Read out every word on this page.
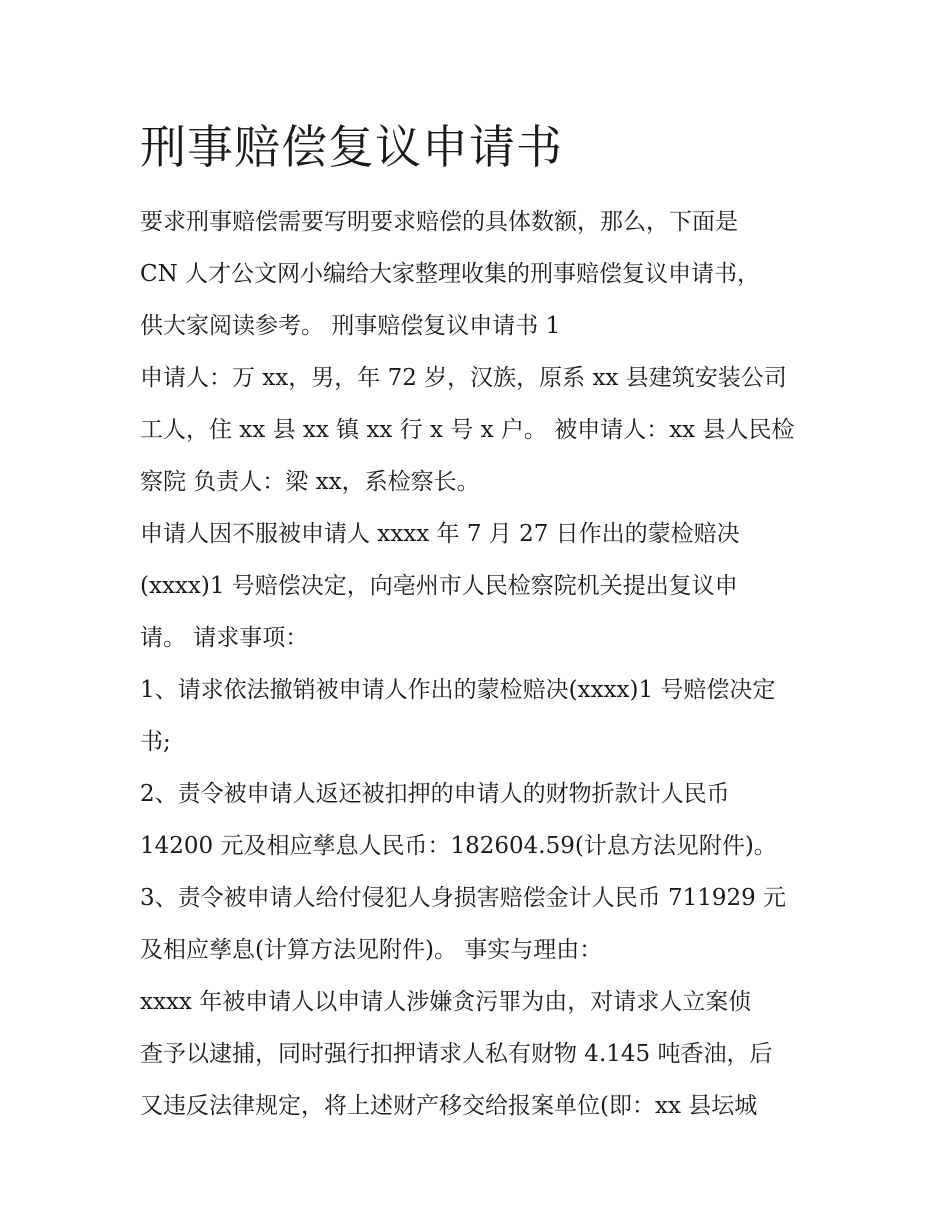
刑事赔偿复议申请书
要求刑事赔偿需要写明要求赔偿的具体数额，那么，下面是
CN 人才公文网小编给大家整理收集的刑事赔偿复议申请书，
供大家阅读参考。 刑事赔偿复议申请书 1
申请人：万 xx，男，年 72 岁，汉族，原系 xx 县建筑安装公司
工人，住 xx 县 xx 镇 xx 行 x 号 x 户。 被申请人：xx 县人民检
察院 负责人：梁 xx，系检察长。
申请人因不服被申请人 xxxx 年 7 月 27 日作出的蒙检赔决
(xxxx)1 号赔偿决定，向亳州市人民检察院机关提出复议申
请。 请求事项：
1、请求依法撤销被申请人作出的蒙检赔决(xxxx)1 号赔偿决定
书;
2、责令被申请人返还被扣押的申请人的财物折款计人民币
14200 元及相应孳息人民币：182604.59(计息方法见附件)。
3、责令被申请人给付侵犯人身损害赔偿金计人民币 711929 元
及相应孳息(计算方法见附件)。 事实与理由：
xxxx 年被申请人以申请人涉嫌贪污罪为由，对请求人立案侦
查予以逮捕，同时强行扣押请求人私有财物 4.145 吨香油，后
又违反法律规定，将上述财产移交给报案单位(即：xx 县坛城
